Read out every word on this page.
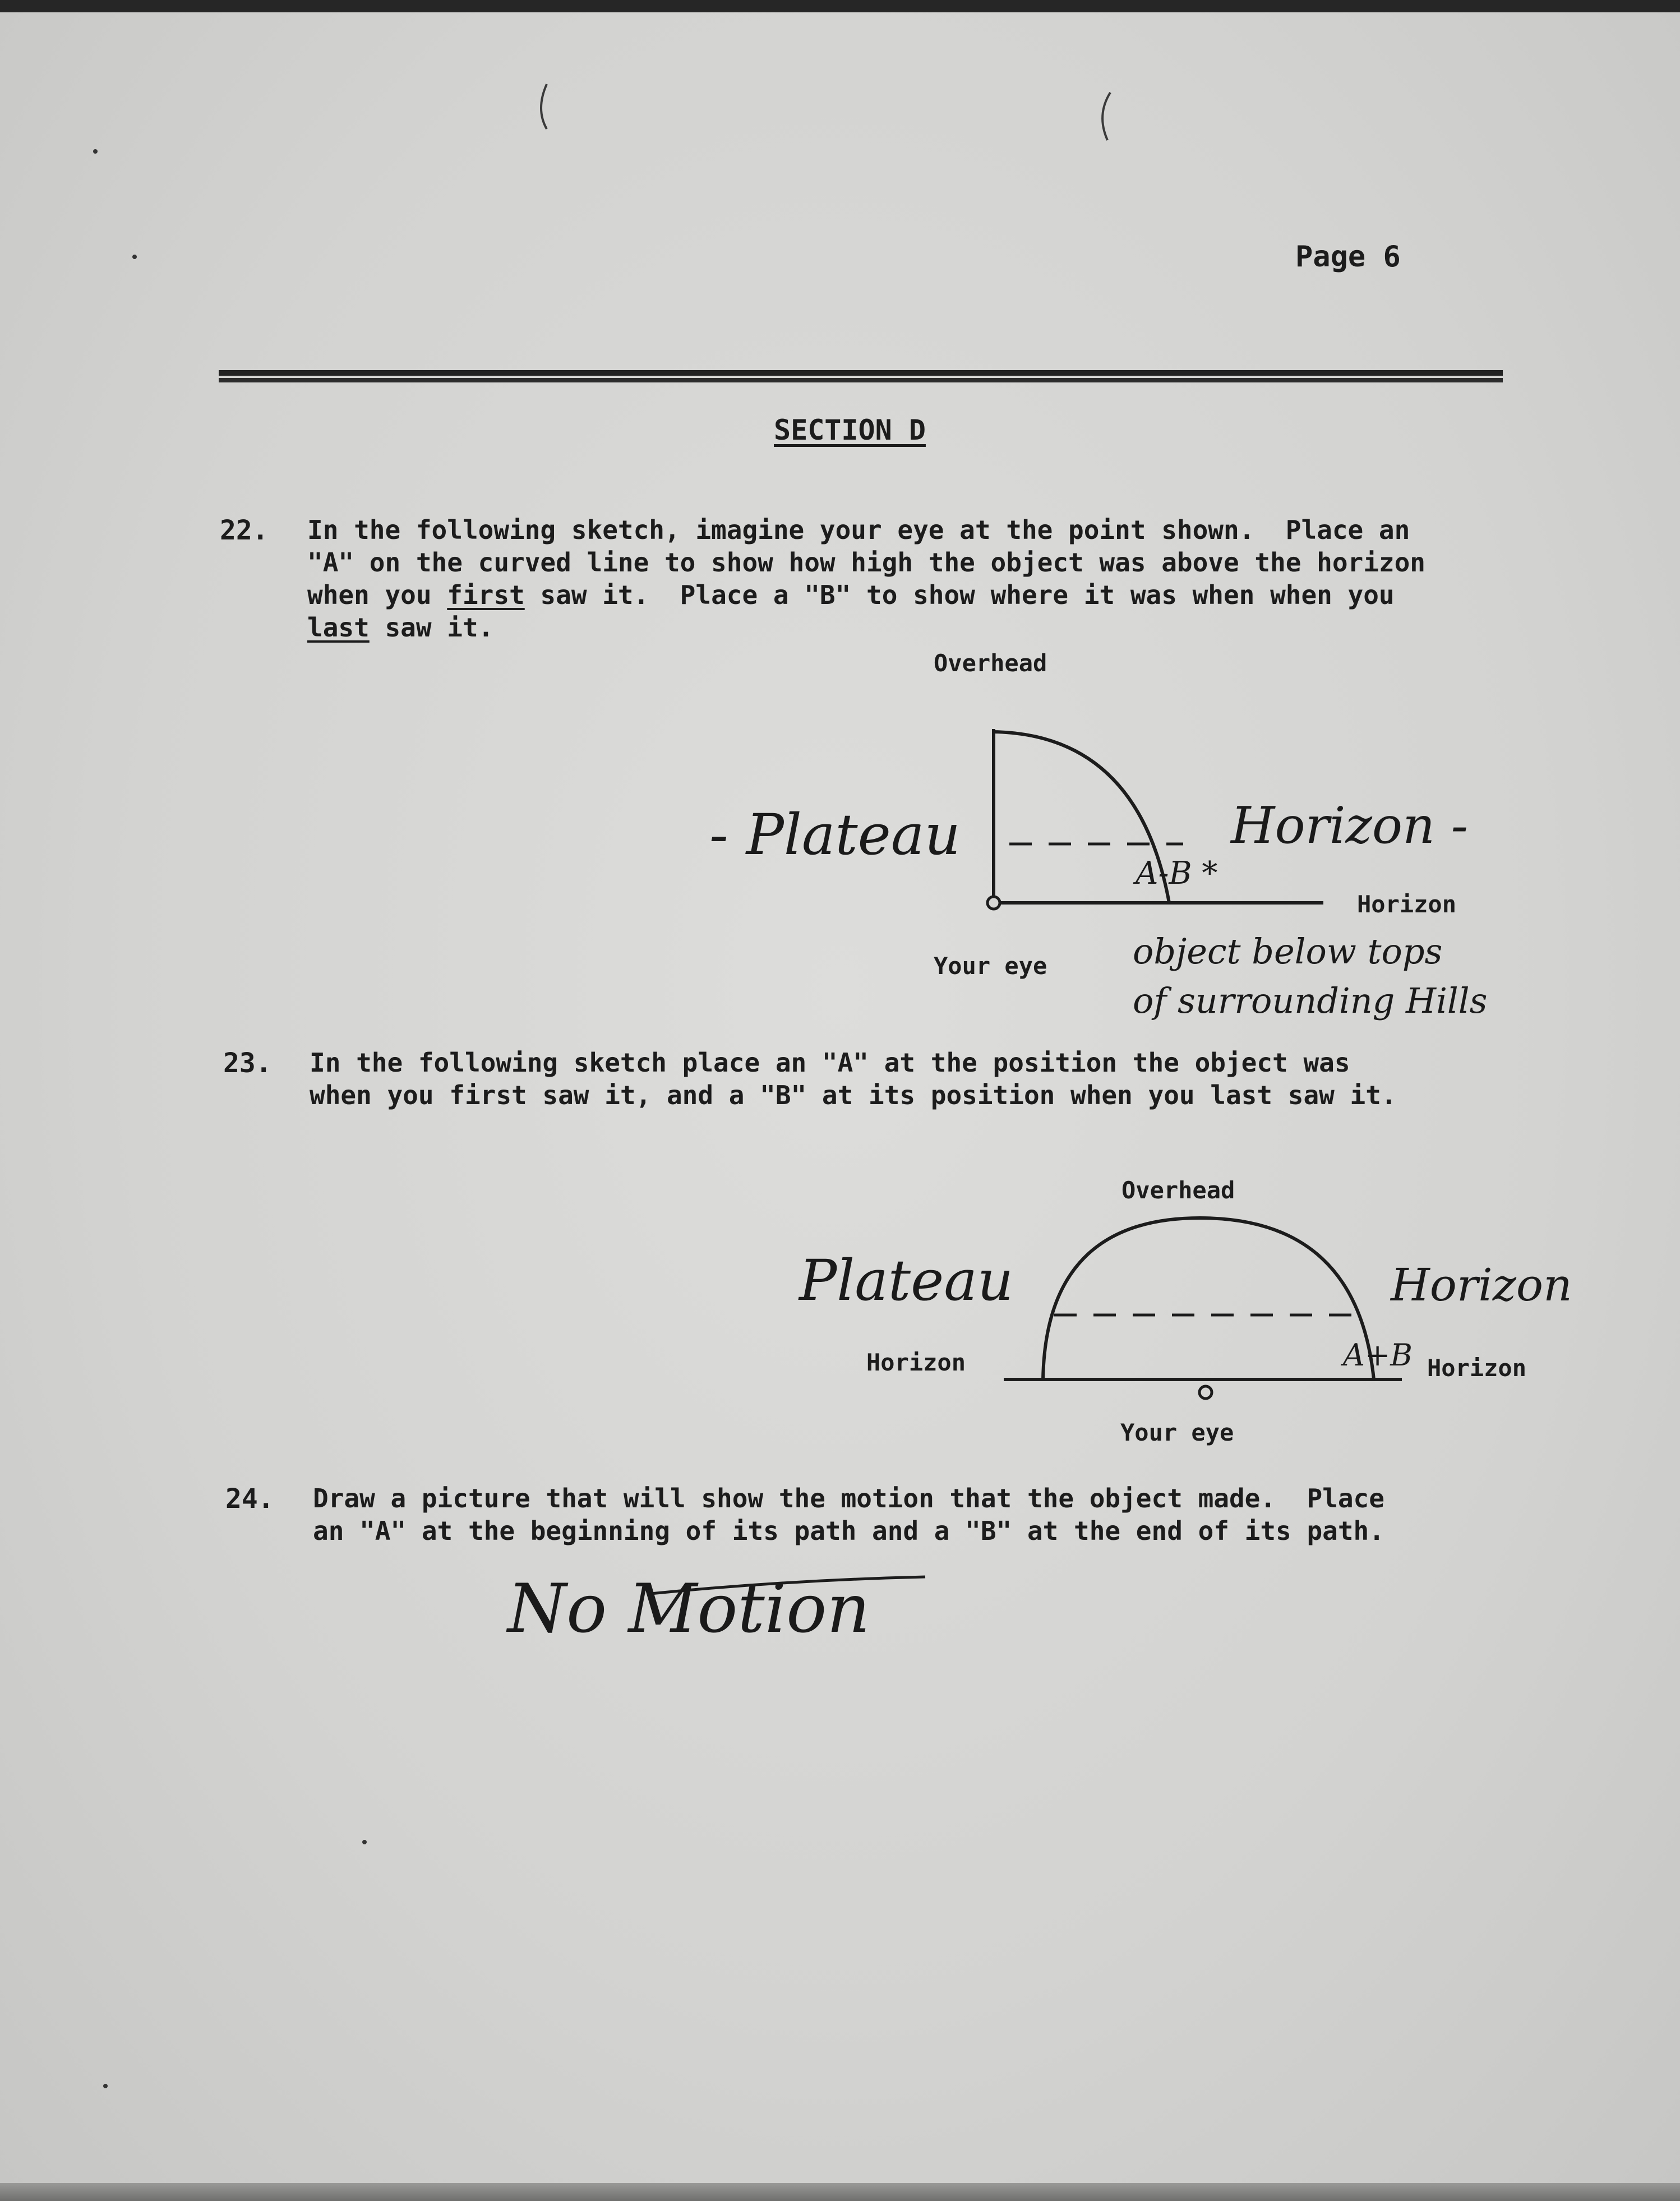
Page 6
SECTION D
22. In the following sketch, imagine your eye at the point shown.  Place an
"A" on the curved line to show how high the object was above the horizon
when you first saw it.  Place a "B" to show where it was when when you
last saw it.
Overhead
Horizon
Your eye
- Plateau	Horizon -
A-B *
object below tops
of surrounding Hills
23. In the following sketch place an "A" at the position the object was
when you first saw it, and a "B" at its position when you last saw it.
Overhead
Horizon	Horizon
Your eye
Plateau	Horizon
A+B
24. Draw a picture that will show the motion that the object made.  Place
an "A" at the beginning of its path and a "B" at the end of its path.
No Motion
